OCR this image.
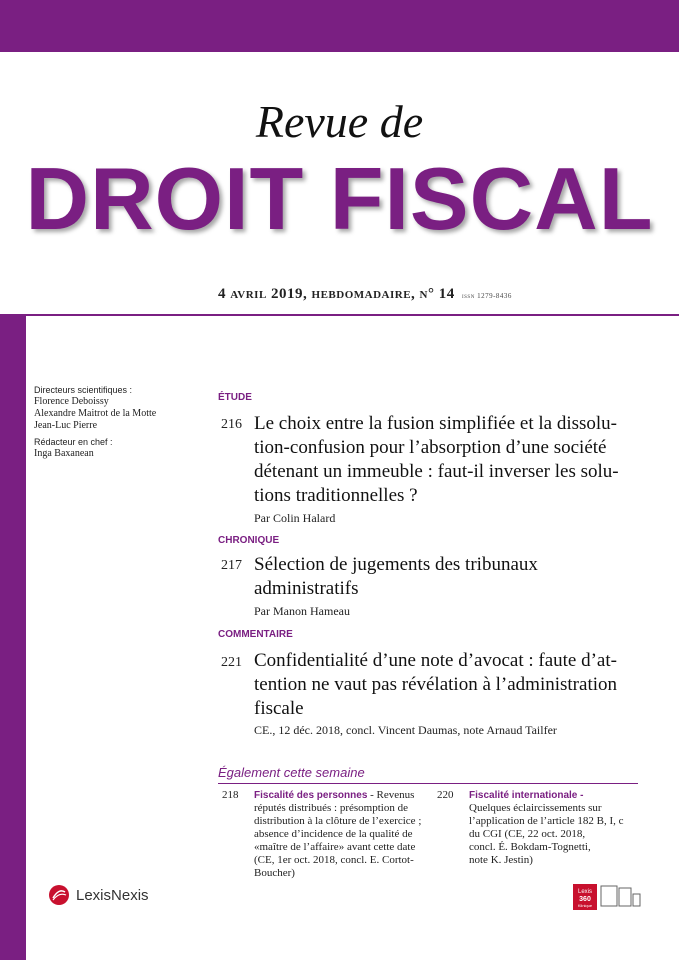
Revue de
DROIT FISCAL
4 avril 2019, hebdomadaire, n° 14 issn 1279-8436
Directeurs scientifiques :
Florence Deboissy
Alexandre Maitrot de la Motte
Jean-Luc Pierre
Rédacteur en chef :
Inga Baxanean
ÉTUDE
216 Le choix entre la fusion simplifiée et la dissolu-
tion-confusion pour l’absorption d’une société
détenant un immeuble : faut-il inverser les solu-
tions traditionnelles ?
Par Colin Halard
CHRONIQUE
217 Sélection de jugements des tribunaux
administratifs
Par Manon Hameau
COMMENTAIRE
221 Confidentialité d’une note d’avocat : faute d’at-
tention ne vaut pas révélation à l’administration
fiscale
CE., 12 déc. 2018, concl. Vincent Daumas, note Arnaud Tailfer
Également cette semaine
218 Fiscalité des personnes - Revenus
réputés distribués : présomption de
distribution à la clôture de l’exercice ;
absence d’incidence de la qualité de
«maître de l’affaire» avant cette date
(CE, 1er oct. 2018, concl. E. Cortot-
Boucher)
220 Fiscalité internationale -
Quelques éclaircissements sur
l’application de l’article 182 B, I, c
du CGI (CE, 22 oct. 2018,
concl. É. Bokdam-Tognetti,
note K. Jestin)
LexisNexis	Lexis
360
Klinique
